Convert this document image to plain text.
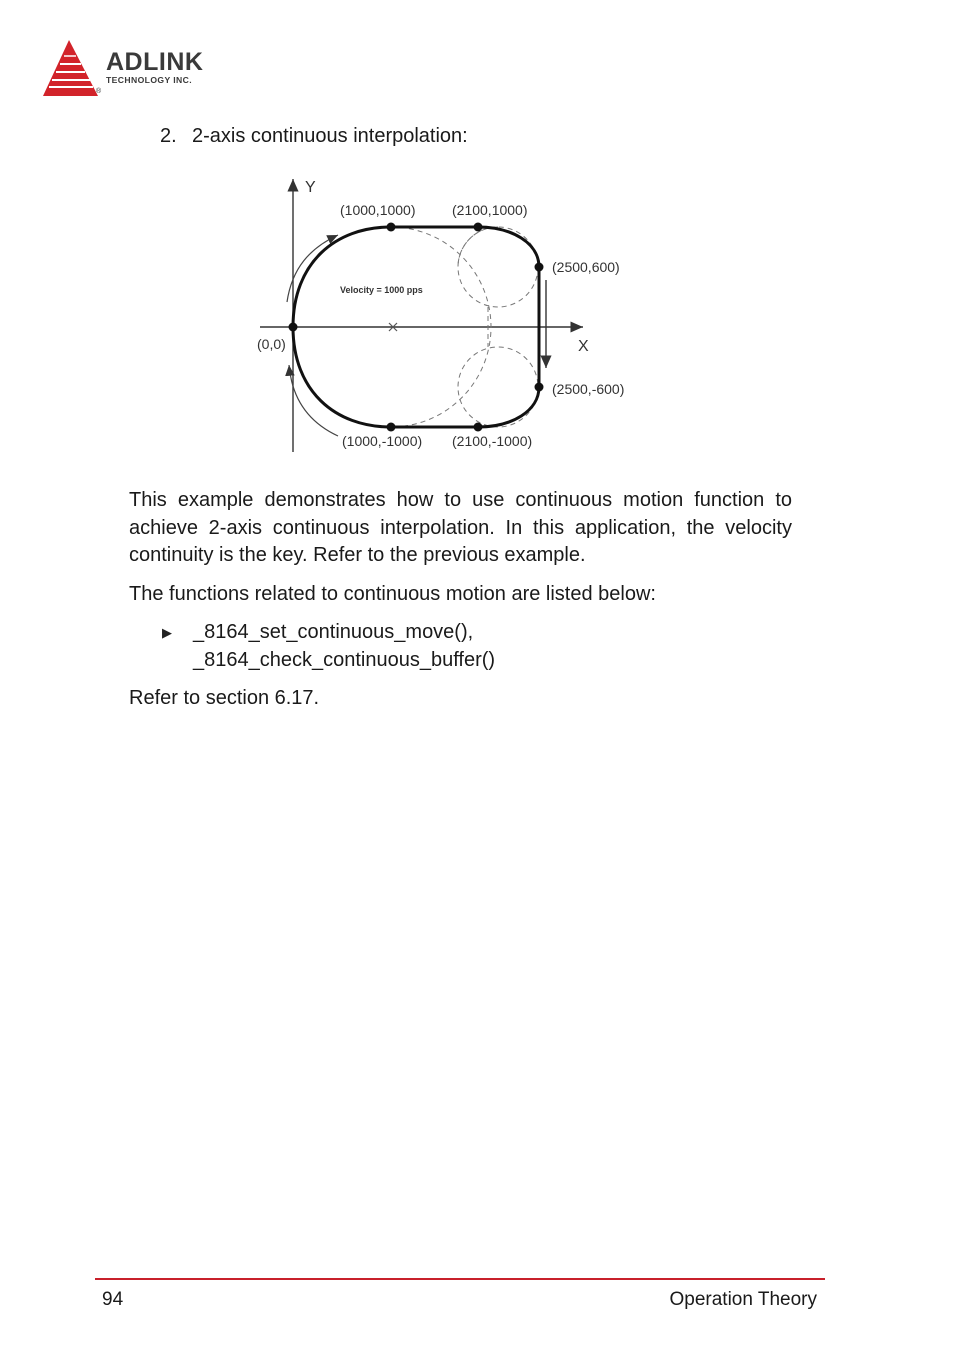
ADLINK
TECHNOLOGY INC.
®
2. 2-axis continuous interpolation:
Y
X
Velocity = 1000 pps
(0,0)
(1000,1000)	(2100,1000)
(2500,600)
(2500,-600)
(1000,-1000) (2100,-1000)

This example demonstrates how to use continuous motion function to achieve 2-axis continuous interpolation. In this application, the velocity continuity is the key. Refer to the previous example.

The functions related to continuous motion are listed below:

▶ _8164_set_continuous_move(),
_8164_check_continuous_buffer()

Refer to section 6.17.

94	Operation Theory
